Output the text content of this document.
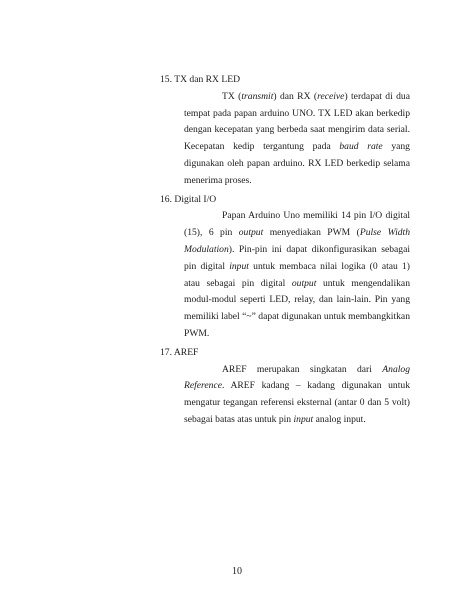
15. TX dan RX LED

TX (transmit) dan RX (receive) terdapat di dua tempat pada papan arduino UNO. TX LED akan berkedip dengan kecepatan yang berbeda saat mengirim data serial. Kecepatan kedip tergantung pada baud rate yang digunakan oleh papan arduino. RX LED berkedip selama menerima proses.

16. Digital I/O

Papan Arduino Uno memiliki 14 pin I/O digital (15), 6 pin output menyediakan PWM (Pulse Width Modulation). Pin-pin ini dapat dikonfigurasikan sebagai pin digital input untuk membaca nilai logika (0 atau 1) atau sebagai pin digital output untuk mengendalikan modul-modul seperti LED, relay, dan lain-lain. Pin yang memiliki label “~” dapat digunakan untuk membangkitkan PWM.

17. AREF

AREF merupakan singkatan dari Analog Reference. AREF kadang – kadang digunakan untuk mengatur tegangan referensi eksternal (antar 0 dan 5 volt) sebagai batas atas untuk pin input analog input.

10
